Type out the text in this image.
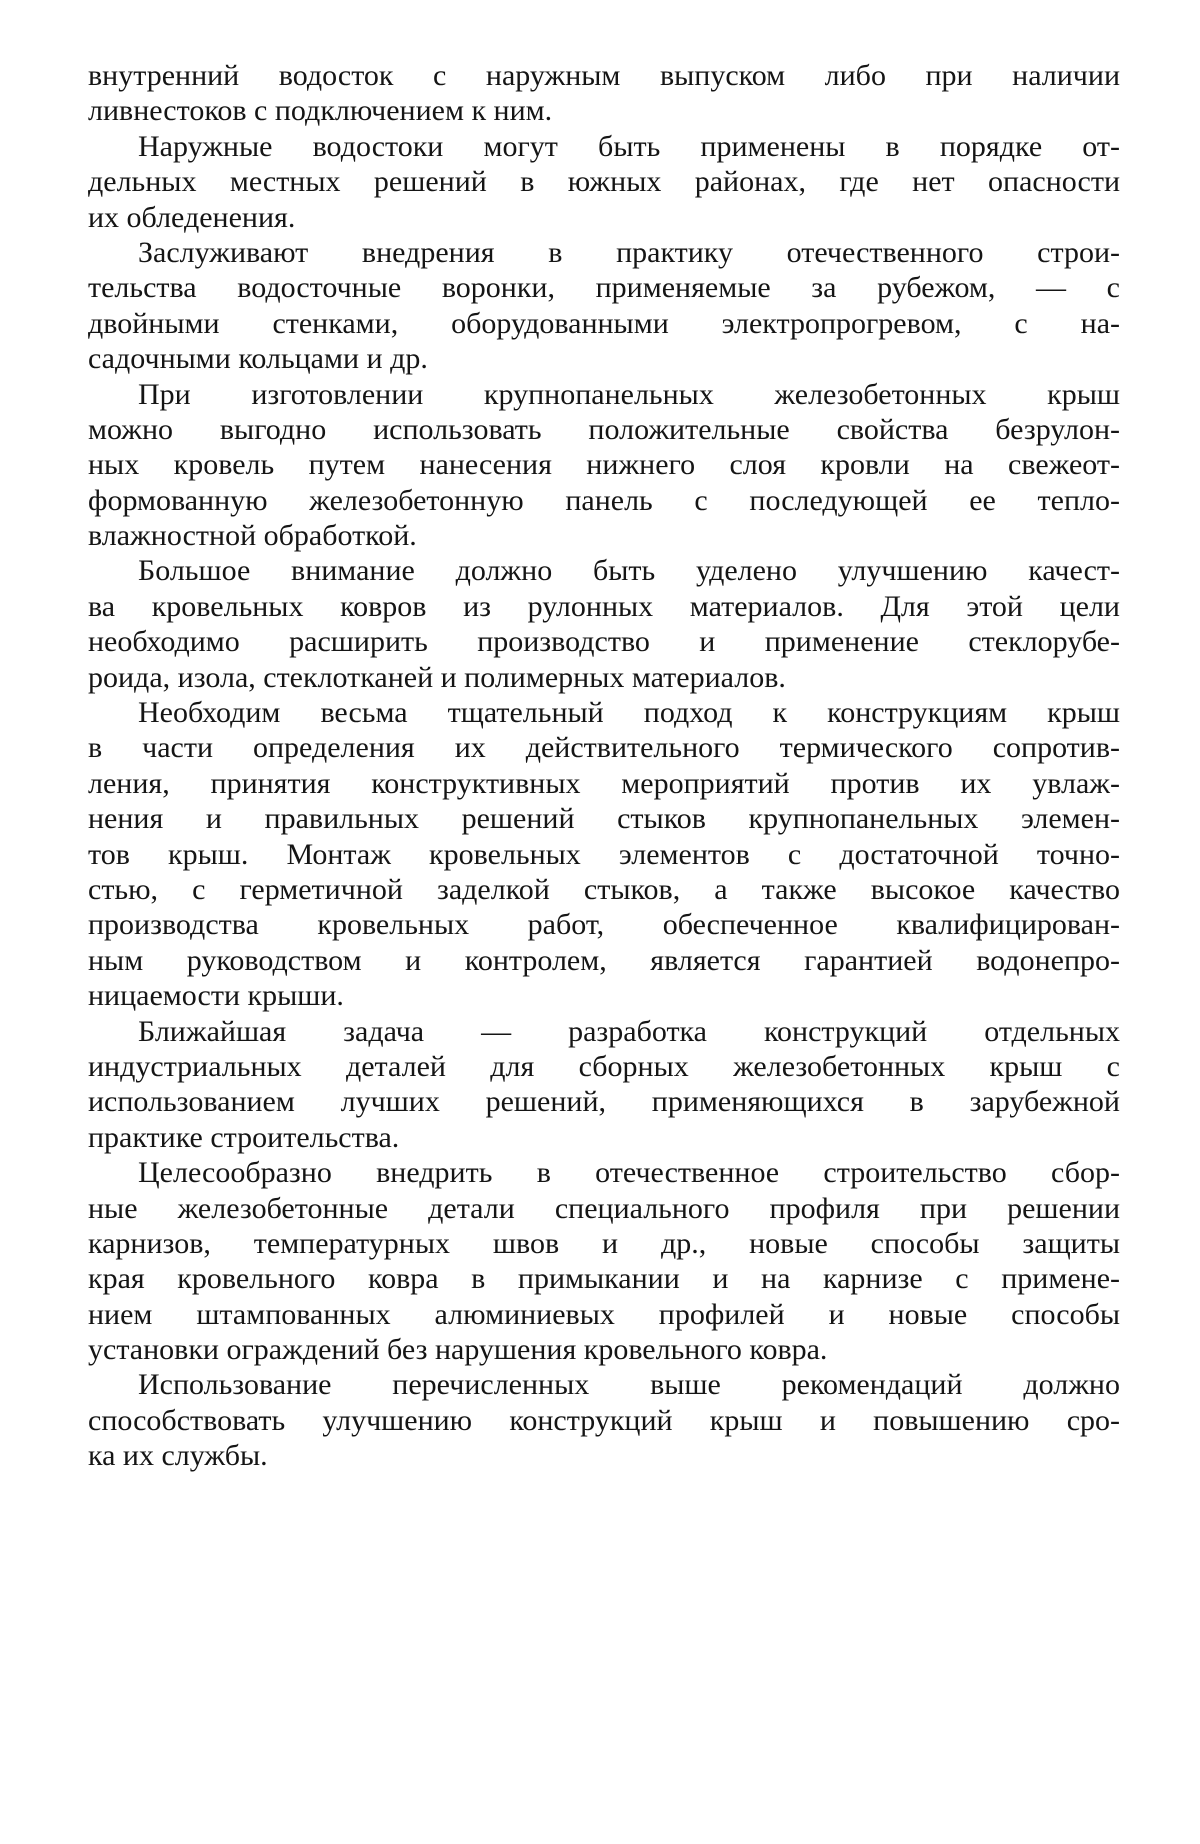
внутренний водосток с наружным выпуском либо при наличии
ливнестоков с подключением к ним.
Наружные водостоки могут быть применены в порядке от-
дельных местных решений в южных районах, где нет опасности
их обледенения.
Заслуживают внедрения в практику отечественного строи-
тельства водосточные воронки, применяемые за рубежом, — с
двойными стенками, оборудованными электропрогревом, с на-
садочными кольцами и др.
При изготовлении крупнопанельных железобетонных крыш
можно выгодно использовать положительные свойства безрулон-
ных кровель путем нанесения нижнего слоя кровли на свежеот-
формованную железобетонную панель с последующей ее тепло-
влажностной обработкой.
Большое внимание должно быть уделено улучшению качест-
ва кровельных ковров из рулонных материалов. Для этой цели
необходимо расширить производство и применение стеклорубе-
роида, изола, стеклотканей и полимерных материалов.
Необходим весьма тщательный подход к конструкциям крыш
в части определения их действительного термического сопротив-
ления, принятия конструктивных мероприятий против их увлаж-
нения и правильных решений стыков крупнопанельных элемен-
тов крыш. Монтаж кровельных элементов с достаточной точно-
стью, с герметичной заделкой стыков, а также высокое качество
производства кровельных работ, обеспеченное квалифицирован-
ным руководством и контролем, является гарантией водонепро-
ницаемости крыши.
Ближайшая задача — разработка конструкций отдельных
индустриальных деталей для сборных железобетонных крыш с
использованием лучших решений, применяющихся в зарубежной
практике строительства.
Целесообразно внедрить в отечественное строительство сбор-
ные железобетонные детали специального профиля при решении
карнизов, температурных швов и др., новые способы защиты
края кровельного ковра в примыкании и на карнизе с примене-
нием штампованных алюминиевых профилей и новые способы
установки ограждений без нарушения кровельного ковра.
Использование перечисленных выше рекомендаций должно
способствовать улучшению конструкций крыш и повышению сро-
ка их службы.
